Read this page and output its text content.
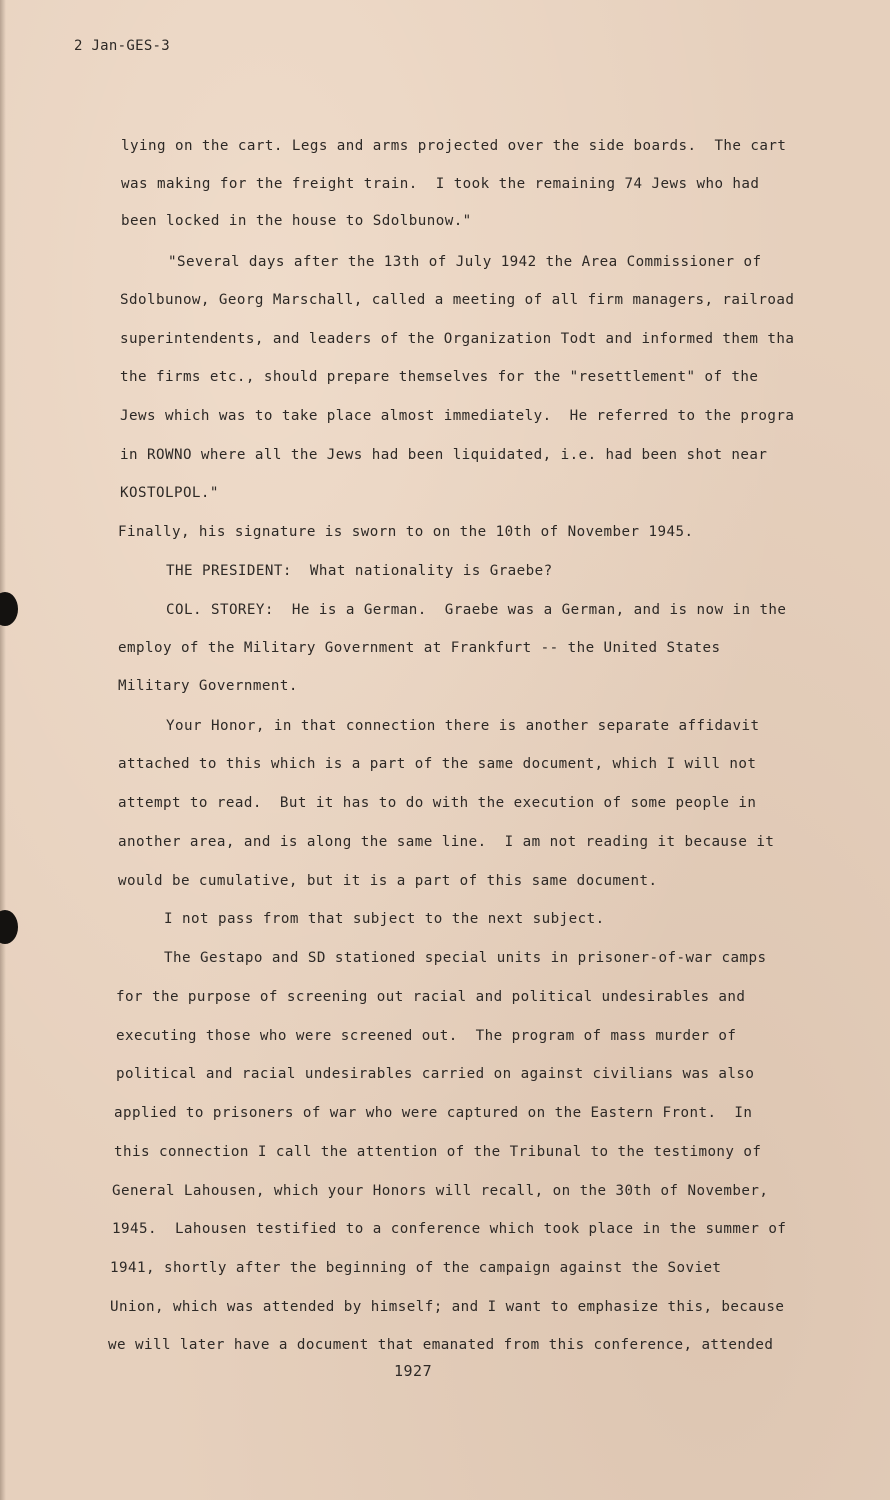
2 Jan-GES-3
lying on the cart. Legs and arms projected over the side boards.  The cart
was making for the freight train.  I took the remaining 74 Jews who had
been locked in the house to Sdolbunow."
"Several days after the 13th of July 1942 the Area Commissioner of
Sdolbunow, Georg Marschall, called a meeting of all firm managers, railroad
superintendents, and leaders of the Organization Todt and informed them tha
the firms etc., should prepare themselves for the "resettlement" of the
Jews which was to take place almost immediately.  He referred to the progra
in ROWNO where all the Jews had been liquidated, i.e. had been shot near
KOSTOLPOL."
Finally, his signature is sworn to on the 10th of November 1945.
THE PRESIDENT:  What nationality is Graebe?
COL. STOREY:  He is a German.  Graebe was a German, and is now in the
employ of the Military Government at Frankfurt -- the United States
Military Government.
Your Honor, in that connection there is another separate affidavit
attached to this which is a part of the same document, which I will not
attempt to read.  But it has to do with the execution of some people in
another area, and is along the same line.  I am not reading it because it
would be cumulative, but it is a part of this same document.
I not pass from that subject to the next subject.
The Gestapo and SD stationed special units in prisoner-of-war camps
for the purpose of screening out racial and political undesirables and
executing those who were screened out.  The program of mass murder of
political and racial undesirables carried on against civilians was also
applied to prisoners of war who were captured on the Eastern Front.  In
this connection I call the attention of the Tribunal to the testimony of
General Lahousen, which your Honors will recall, on the 30th of November,
1945.  Lahousen testified to a conference which took place in the summer of
1941, shortly after the beginning of the campaign against the Soviet
Union, which was attended by himself; and I want to emphasize this, because
we will later have a document that emanated from this conference, attended
1927
